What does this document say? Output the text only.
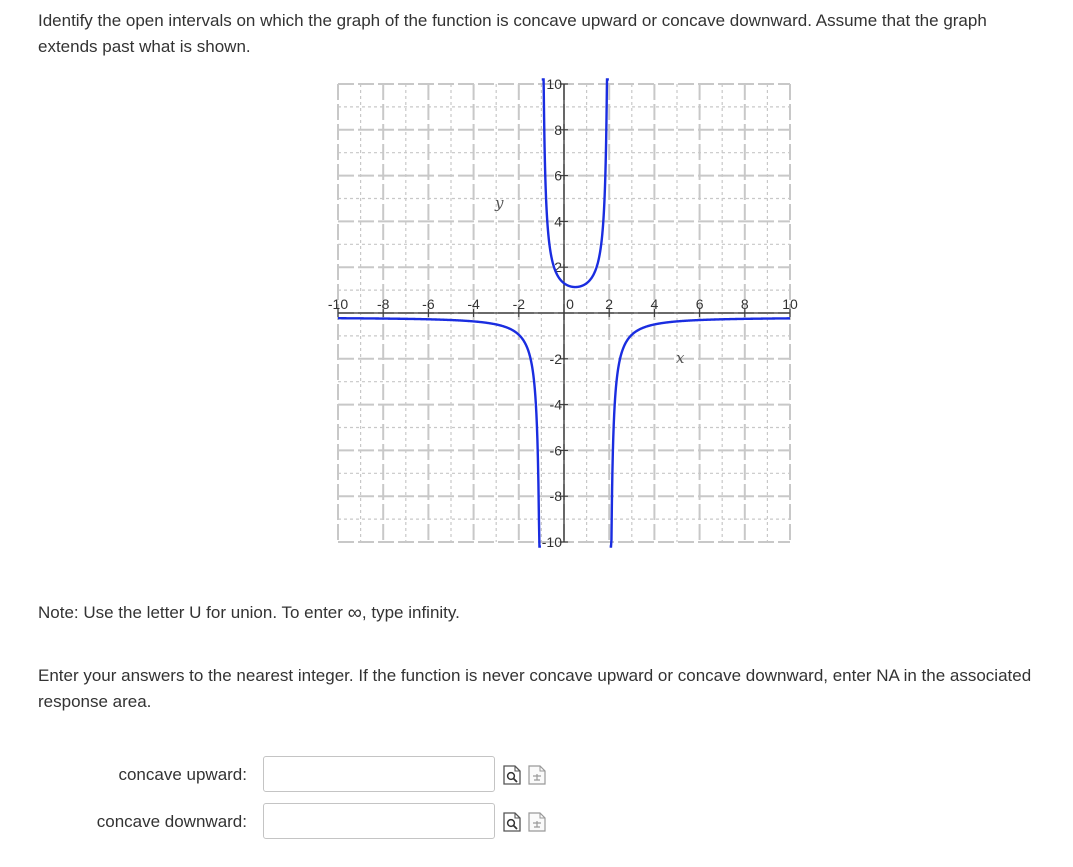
Identify the open intervals on which the graph of the function is concave upward or concave downward. Assume that the graph extends past what is shown.

-10 -8 -6 -4 -2	0 2	4	6	8 10
10
8
6
4
2
-2
-4
-6
-8
-10
x
y
Note: Use the letter U for union. To enter ∞, type infinity.

Enter your answers to the nearest integer. If the function is never concave upward or concave downward, enter NA in the associated response area.

concave upward:
concave downward:
